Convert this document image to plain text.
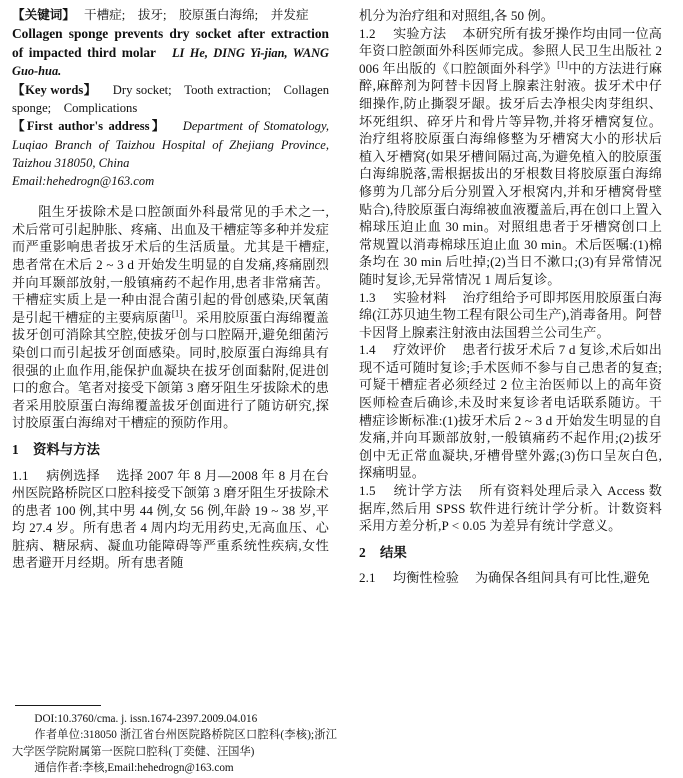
【关键词】 干槽症; 拔牙; 胶原蛋白海绵; 并发症

Collagen sponge prevents dry socket after extraction of impacted third molar LI He, DING Yi-jian, WANG Guo-hua.

【Key words】 Dry socket; Tooth extraction; Collagen sponge; Complications

【First author's address】 Department of Stomatology, Luqiao Branch of Taizhou Hospital of Zhejiang Province, Taizhou 318050, China

Email:hehedrogn@163.com

阻生牙拔除术是口腔颌面外科最常见的手术之一,术后常可引起肿胀、疼痛、出血及干槽症等多种并发症而严重影响患者拔牙术后的生活质量。尤其是干槽症,患者常在术后 2 ~ 3 d 开始发生明显的自发痛,疼痛剧烈并向耳颞部放射,一般镇痛药不起作用,患者非常痛苦。干槽症实质上是一种由混合菌引起的骨创感染,厌氧菌是引起干槽症的主要病原菌[1]。采用胶原蛋白海绵覆盖拔牙创可消除其空腔,使拔牙创与口腔隔开,避免细菌污染创口而引起拔牙创面感染。同时,胶原蛋白海绵具有很强的止血作用,能保护血凝块在拔牙创面黏附,促进创口的愈合。笔者对接受下颌第 3 磨牙阻生牙拔除术的患者采用胶原蛋白海绵覆盖拔牙创面进行了随访研究,探讨胶原蛋白海绵对干槽症的预防作用。

1 资料与方法

1.1 病例选择 选择 2007 年 8 月—2008 年 8 月在台州医院路桥院区口腔科接受下颌第 3 磨牙阻生牙拔除术的患者 100 例,其中男 44 例,女 56 例,年龄 19 ~ 38 岁,平均 27.4 岁。所有患者 4 周内均无用药史,无高血压、心脏病、糖尿病、凝血功能障碍等严重系统性疾病,女性患者避开月经期。所有患者随

DOI:10.3760/cma. j. issn.1674-2397.2009.04.016

作者单位:318050 浙江省台州医院路桥院区口腔科(李核);浙江大学医学院附属第一医院口腔科(丁奕健、汪国华)

通信作者:李核,Email:hehedrogn@163.com

机分为治疗组和对照组,各 50 例。

1.2 实验方法 本研究所有拔牙操作均由同一位高年资口腔颌面外科医师完成。参照人民卫生出版社 2006 年出版的《口腔颌面外科学》[1]中的方法进行麻醉,麻醉剂为阿替卡因肾上腺素注射液。拔牙术中仔细操作,防止撕裂牙龈。拔牙后去净根尖肉芽组织、坏死组织、碎牙片和骨片等异物,并将牙槽窝复位。治疗组将胶原蛋白海绵修整为牙槽窝大小的形状后植入牙槽窝(如果牙槽间隔过高,为避免植入的胶原蛋白海绵脱落,需根据拔出的牙根数目将胶原蛋白海绵修剪为几部分后分别置入牙根窝内,并和牙槽窝骨壁贴合),待胶原蛋白海绵被血液覆盖后,再在创口上置入棉球压迫止血 30 min。对照组患者于牙槽窝创口上常规置以消毒棉球压迫止血 30 min。术后医嘱:(1)棉条均在 30 min 后吐掉;(2)当日不漱口;(3)有异常情况随时复诊,无异常情况 1 周后复诊。

1.3 实验材料 治疗组给予可即邦医用胶原蛋白海绵(江苏贝迪生物工程有限公司生产),消毒备用。阿替卡因肾上腺素注射液由法国碧兰公司生产。

1.4 疗效评价 患者行拔牙术后 7 d 复诊,术后如出现不适可随时复诊;手术医师不参与自己患者的复查;可疑干槽症者必须经过 2 位主治医师以上的高年资医师检查后确诊,未及时来复诊者电话联系随访。干槽症诊断标准:(1)拔牙术后 2 ~ 3 d 开始发生明显的自发痛,并向耳颞部放射,一般镇痛药不起作用;(2)拔牙创中无正常血凝块,牙槽骨壁外露;(3)伤口呈灰白色,探痛明显。

1.5 统计学方法 所有资料处理后录入 Access 数据库,然后用 SPSS 软件进行统计学分析。计数资料采用方差分析,P < 0.05 为差异有统计学意义。

2 结果

2.1 均衡性检验 为确保各组间具有可比性,避免
